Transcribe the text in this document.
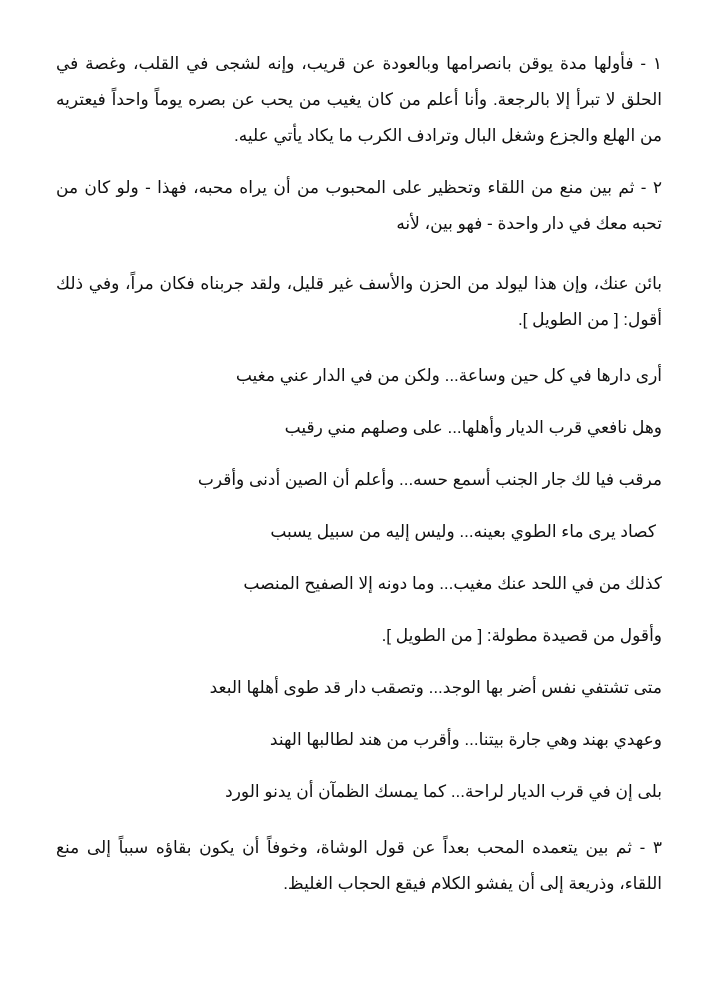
١ - فأولها مدة يوقن بانصرامها وبالعودة عن قريب، وإنه لشجى في القلب، وغصة في الحلق لا تبرأ إلا بالرجعة. وأنا أعلم من كان يغيب من يحب عن بصره يوماً واحداً فيعتريه من الهلع والجزع وشغل البال وترادف الكرب ما يكاد يأتي عليه.

٢ - ثم بين منع من اللقاء وتحظير على المحبوب من أن يراه محبه، فهذا - ولو كان من تحبه معك في دار واحدة - فهو بين، لأنه

بائن عنك، وإن هذا ليولد من الحزن والأسف غير قليل، ولقد جربناه فكان مراً، وفي ذلك أقول: [ من الطويل ].

أرى دارها في كل حين وساعة... ولكن من في الدار عني مغيب

وهل نافعي قرب الديار وأهلها... على وصلهم مني رقيب

مرقب فيا لك جار الجنب أسمع حسه... وأعلم أن الصين أدنى وأقرب

كصاد يرى ماء الطوي بعينه... وليس إليه من سبيل يسبب

كذلك من في اللحد عنك مغيب... وما دونه إلا الصفيح المنصب

وأقول من قصيدة مطولة: [ من الطويل ].

متى تشتفي نفس أضر بها الوجد... وتصقب دار قد طوى أهلها البعد

وعهدي بهند وهي جارة بيتنا... وأقرب من هند لطالبها الهند

بلى إن في قرب الديار لراحة... كما يمسك الظمآن أن يدنو الورد

٣ - ثم بين يتعمده المحب بعداً عن قول الوشاة، وخوفاً أن يكون بقاؤه سبباً إلى منع اللقاء، وذريعة إلى أن يفشو الكلام فيقع الحجاب الغليظ.
